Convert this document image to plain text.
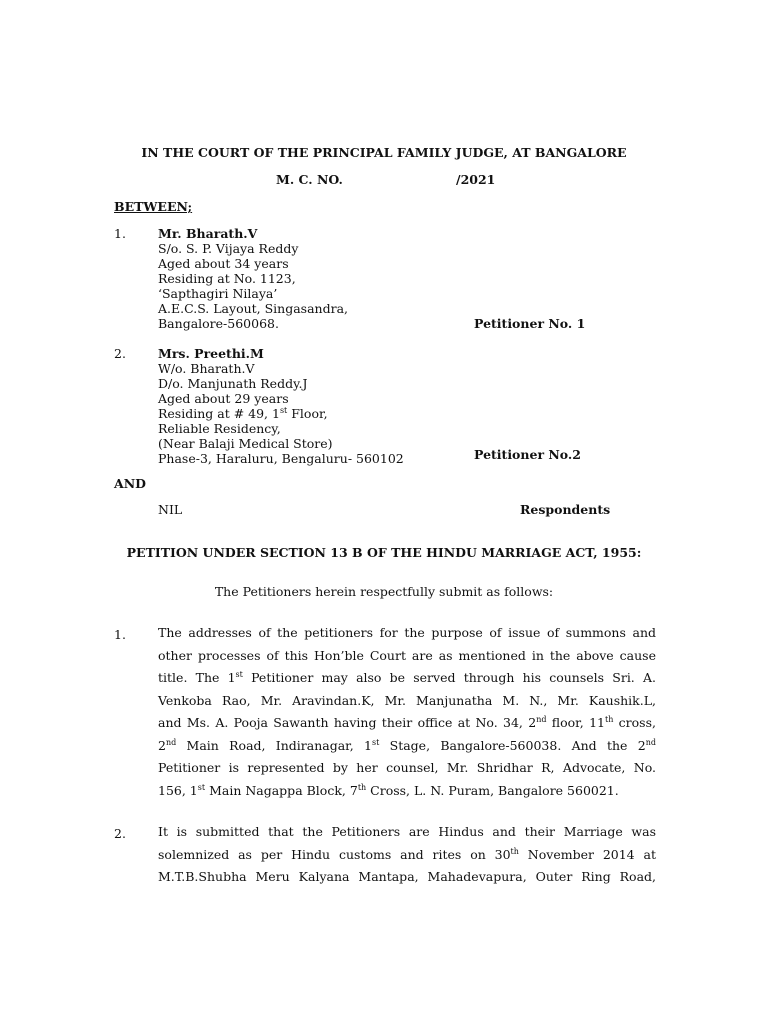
IN THE COURT OF THE PRINCIPAL FAMILY JUDGE, AT BANGALORE
M. C. NO.	/2021
BETWEEN;
1.	Mr. Bharath.V
S/o. S. P. Vijaya Reddy
Aged about 34 years
Residing at No. 1123,
‘Sapthagiri Nilaya’
A.E.C.S. Layout, Singasandra,
Bangalore-560068.	Petitioner No. 1
2.	Mrs. Preethi.M
W/o. Bharath.V
D/o. Manjunath Reddy.J
Aged about 29 years
Residing at # 49, 1st Floor,
Reliable Residency,
(Near Balaji Medical Store)
Phase-3, Haraluru, Bengaluru- 560102	Petitioner No.2
AND
NIL	Respondents
PETITION UNDER SECTION 13 B OF THE HINDU MARRIAGE ACT, 1955:
The Petitioners herein respectfully submit as follows:
1.	The addresses of the petitioners for the purpose of issue of summons and
other processes of this Hon’ble Court are as mentioned in the above cause
title. The 1st Petitioner may also be served through his counsels Sri. A.
Venkoba Rao, Mr. Aravindan.K, Mr. Manjunatha M. N., Mr. Kaushik.L,
and Ms. A. Pooja Sawanth having their office at No. 34, 2nd floor, 11th cross,
2nd Main Road, Indiranagar, 1st Stage, Bangalore-560038. And the 2nd
Petitioner is represented by her counsel, Mr. Shridhar R, Advocate, No.
156, 1st Main Nagappa Block, 7th Cross, L. N. Puram, Bangalore 560021.
2.	It is submitted that the Petitioners are Hindus and their Marriage was
solemnized as per Hindu customs and rites on 30th November 2014 at
M.T.B.Shubha Meru Kalyana Mantapa, Mahadevapura, Outer Ring Road,
